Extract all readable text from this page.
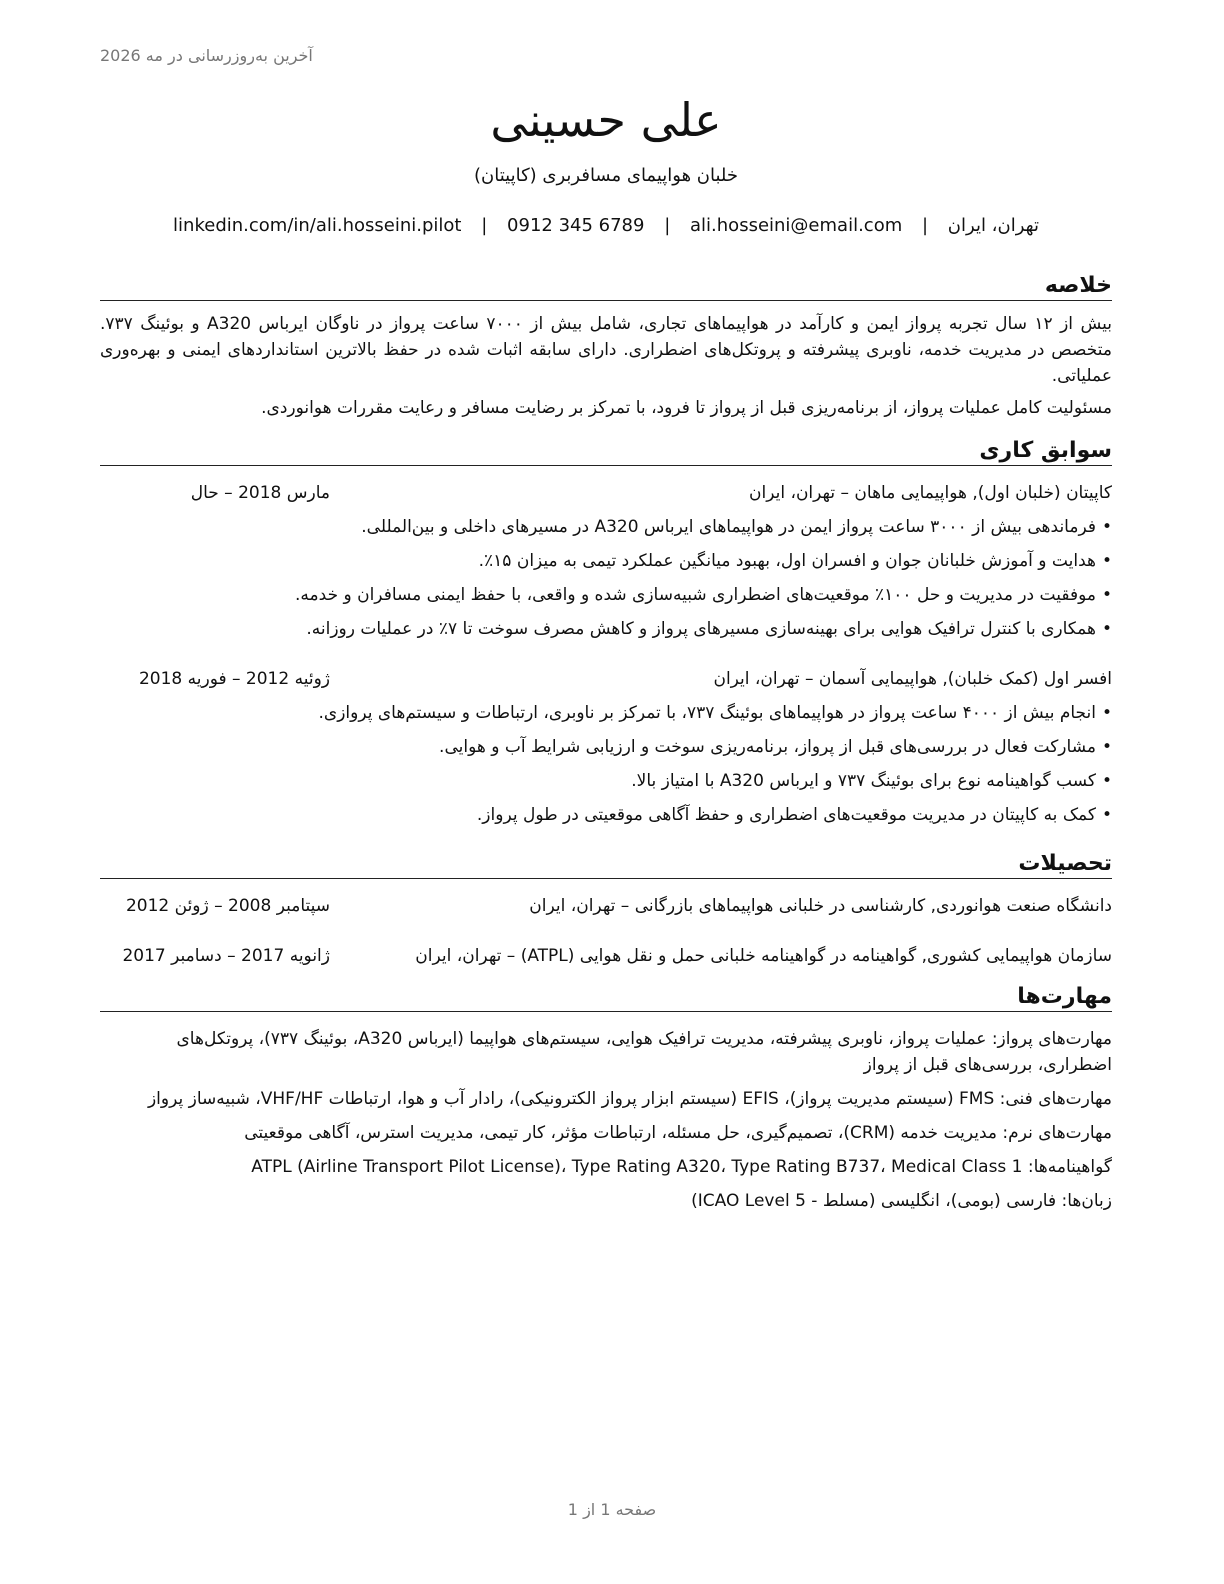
آخرین به‌روزرسانی در مه 2026
علی حسینی
خلبان هواپیمای مسافربری (کاپیتان)
تهران، ایران | ali.hosseini@email.com | 0912 345 6789 | linkedin.com/in/ali.hosseini.pilot
خلاصه

بیش از ۱۲ سال تجربه پرواز ایمن و کارآمد در هواپیماهای تجاری، شامل بیش از ۷۰۰۰ ساعت پرواز در ناوگان ایرباس A320 و بوئینگ ۷۳۷. متخصص در مدیریت خدمه، ناوبری پیشرفته و پروتکل‌های اضطراری. دارای سابقه اثبات شده در حفظ بالاترین استانداردهای ایمنی و بهره‌وری عملیاتی.

مسئولیت کامل عملیات پرواز، از برنامه‌ریزی قبل از پرواز تا فرود، با تمرکز بر رضایت مسافر و رعایت مقررات هوانوردی.

سوابق کاری
کاپیتان (خلبان اول), هواپیمایی ماهان – تهران، ایران
مارس 2018 – حال
• فرماندهی بیش از ۳۰۰۰ ساعت پرواز ایمن در هواپیماهای ایرباس A320 در مسیرهای داخلی و بین‌المللی.
• هدایت و آموزش خلبانان جوان و افسران اول، بهبود میانگین عملکرد تیمی به میزان ۱۵٪.
• موفقیت در مدیریت و حل ۱۰۰٪ موقعیت‌های اضطراری شبیه‌سازی شده و واقعی، با حفظ ایمنی مسافران و خدمه.
• همکاری با کنترل ترافیک هوایی برای بهینه‌سازی مسیرهای پرواز و کاهش مصرف سوخت تا ۷٪ در عملیات روزانه.
افسر اول (کمک خلبان), هواپیمایی آسمان – تهران، ایران
ژوئیه 2012 – فوریه 2018
• انجام بیش از ۴۰۰۰ ساعت پرواز در هواپیماهای بوئینگ ۷۳۷، با تمرکز بر ناوبری، ارتباطات و سیستم‌های پروازی.
• مشارکت فعال در بررسی‌های قبل از پرواز، برنامه‌ریزی سوخت و ارزیابی شرایط آب و هوایی.
• کسب گواهینامه نوع برای بوئینگ ۷۳۷ و ایرباس A320 با امتیاز بالا.
• کمک به کاپیتان در مدیریت موقعیت‌های اضطراری و حفظ آگاهی موقعیتی در طول پرواز.
تحصیلات
دانشگاه صنعت هوانوردی, کارشناسی در خلبانی هواپیماهای بازرگانی – تهران، ایران
سپتامبر 2008 – ژوئن 2012
سازمان هواپیمایی کشوری, گواهینامه در گواهینامه خلبانی حمل و نقل هوایی (ATPL) – تهران، ایران
ژانویه 2017 – دسامبر 2017
مهارت‌ها
مهارت‌های پرواز: عملیات پرواز، ناوبری پیشرفته، مدیریت ترافیک هوایی، سیستم‌های هواپیما (ایرباس A320، بوئینگ ۷۳۷)، پروتکل‌های اضطراری، بررسی‌های قبل از پرواز
مهارت‌های فنی: FMS (سیستم مدیریت پرواز)، EFIS (سیستم ابزار پرواز الکترونیکی)، رادار آب و هوا، ارتباطات VHF/HF، شبیه‌ساز پرواز
مهارت‌های نرم: مدیریت خدمه (CRM)، تصمیم‌گیری، حل مسئله، ارتباطات مؤثر، کار تیمی، مدیریت استرس، آگاهی موقعیتی
گواهینامه‌ها: ATPL (Airline Transport Pilot License)، Type Rating A320، Type Rating B737، Medical Class 1
زبان‌ها: فارسی (بومی)، انگلیسی (مسلط - ICAO Level 5)
صفحه 1 از 1
